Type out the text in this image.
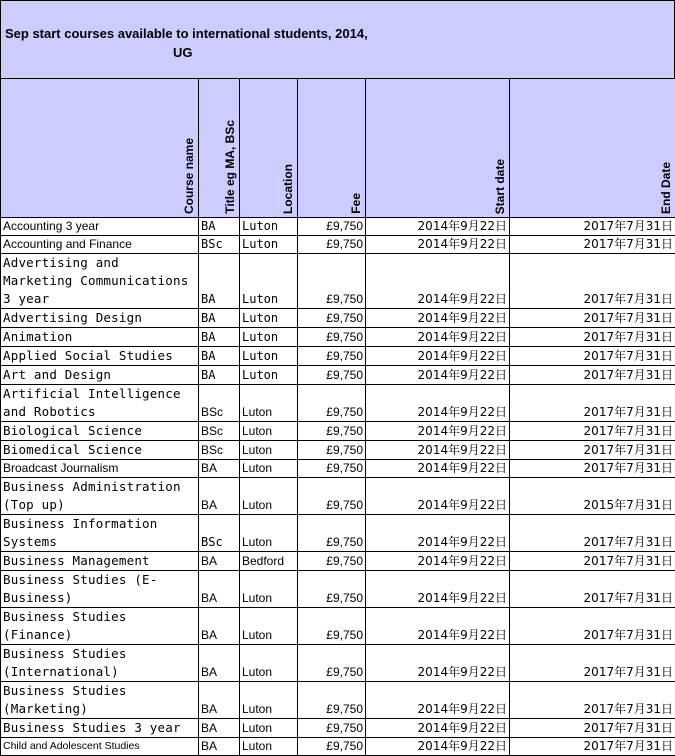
Sep start courses available to international students, 2014,
UG
Course name	Title eg MA, BSc	Location	Fee	Start date	End Date

Accounting 3 year	BA	Luton	£9,750	2014年9月22日	2017年7月31日
Accounting and Finance	BSc	Luton	£9,750	2014年9月22日	2017年7月31日
Advertising and Marketing Communications 3 year	BA	Luton	£9,750	2014年9月22日	2017年7月31日
Advertising Design	BA	Luton	£9,750	2014年9月22日	2017年7月31日
Animation	BA	Luton	£9,750	2014年9月22日	2017年7月31日
Applied Social Studies	BA	Luton	£9,750	2014年9月22日	2017年7月31日
Art and Design	BA	Luton	£9,750	2014年9月22日	2017年7月31日
Artificial Intelligence and Robotics	BSc	Luton	£9,750	2014年9月22日	2017年7月31日
Biological Science	BSc	Luton	£9,750	2014年9月22日	2017年7月31日
Biomedical Science	BSc	Luton	£9,750	2014年9月22日	2017年7月31日
Broadcast Journalism	BA	Luton	£9,750	2014年9月22日	2017年7月31日
Business Administration (Top up)	BA	Luton	£9,750	2014年9月22日	2015年7月31日
Business Information Systems	BSc	Luton	£9,750	2014年9月22日	2017年7月31日
Business Management	BA	Bedford	£9,750	2014年9月22日	2017年7月31日
Business Studies (E-Business)	BA	Luton	£9,750	2014年9月22日	2017年7月31日
Business Studies (Finance)	BA	Luton	£9,750	2014年9月22日	2017年7月31日
Business Studies (International)	BA	Luton	£9,750	2014年9月22日	2017年7月31日
Business Studies (Marketing)	BA	Luton	£9,750	2014年9月22日	2017年7月31日
Business Studies 3 year	BA	Luton	£9,750	2014年9月22日	2017年7月31日
Child and Adolescent Studies	BA	Luton	£9,750	2014年9月22日	2017年7月31日
